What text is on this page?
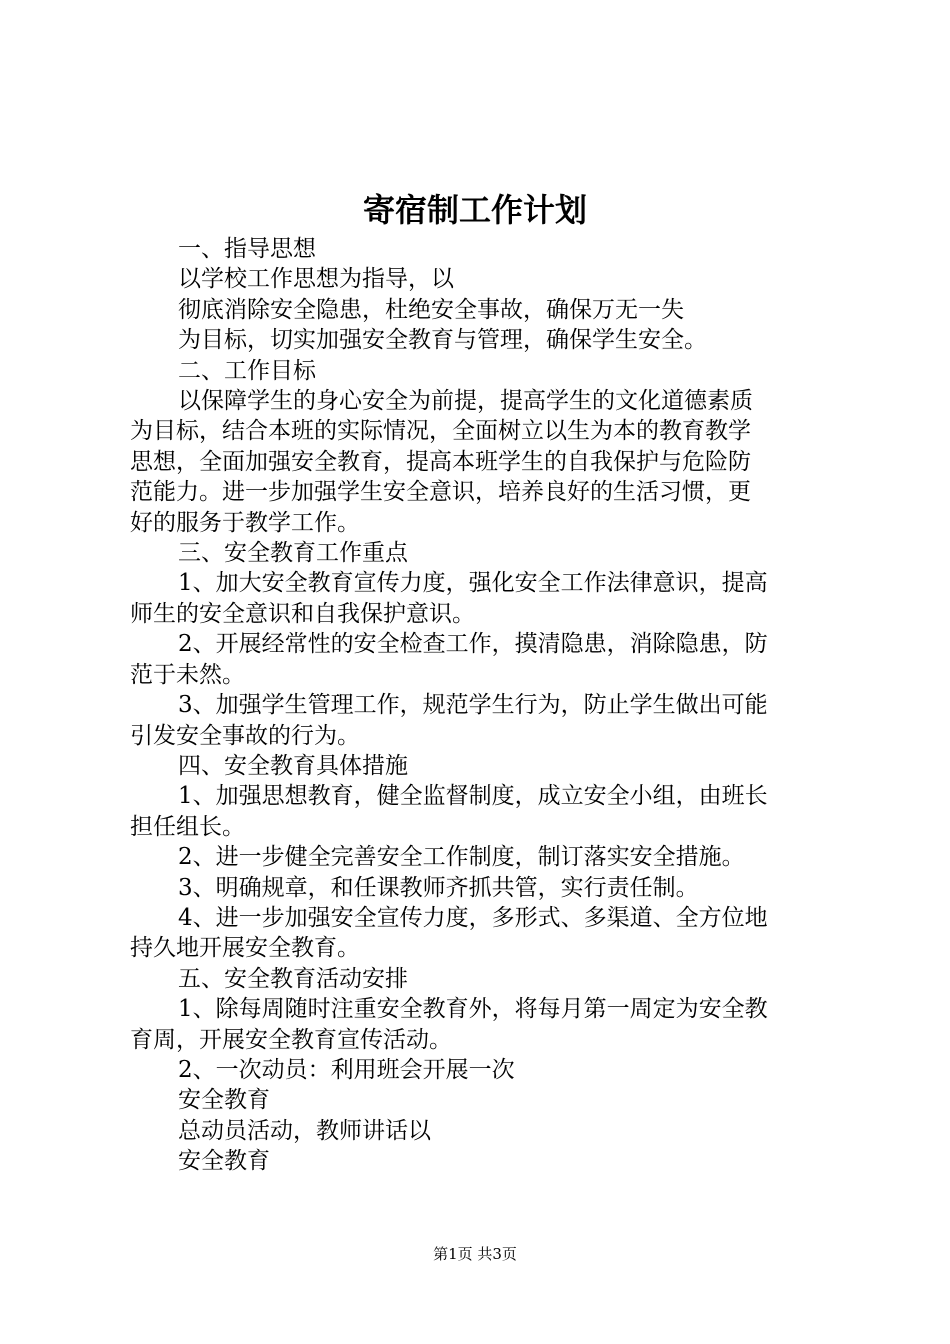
寄宿制工作计划

一、指导思想

以学校工作思想为指导，以

彻底消除安全隐患，杜绝安全事故，确保万无一失

为目标，切实加强安全教育与管理，确保学生安全。

二、工作目标

以保障学生的身心安全为前提，提高学生的文化道德素质

为目标，结合本班的实际情况，全面树立以生为本的教育教学

思想，全面加强安全教育，提高本班学生的自我保护与危险防

范能力。进一步加强学生安全意识，培养良好的生活习惯，更

好的服务于教学工作。

三、安全教育工作重点

1、加大安全教育宣传力度，强化安全工作法律意识，提高

师生的安全意识和自我保护意识。

2、开展经常性的安全检查工作，摸清隐患，消除隐患，防

范于未然。

3、加强学生管理工作，规范学生行为，防止学生做出可能

引发安全事故的行为。

四、安全教育具体措施

1、加强思想教育，健全监督制度，成立安全小组，由班长

担任组长。

2、进一步健全完善安全工作制度，制订落实安全措施。

3、明确规章，和任课教师齐抓共管，实行责任制。

4、进一步加强安全宣传力度，多形式、多渠道、全方位地

持久地开展安全教育。

五、安全教育活动安排

1、除每周随时注重安全教育外，将每月第一周定为安全教

育周，开展安全教育宣传活动。

2、一次动员：利用班会开展一次

安全教育

总动员活动，教师讲话以

安全教育

第1页 共3页
